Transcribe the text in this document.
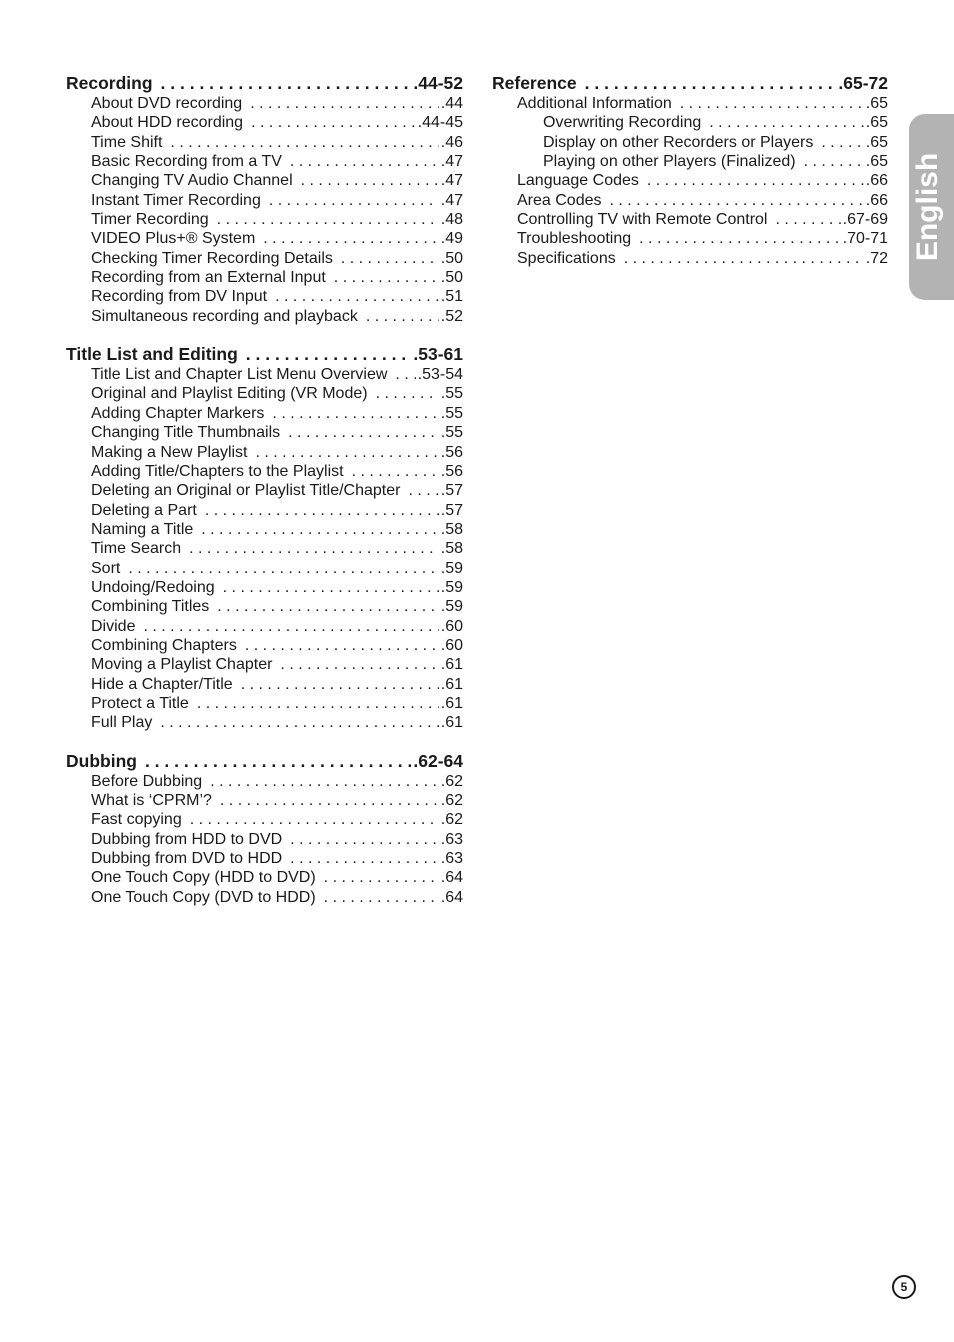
Recording . . .	.44-52
About DVD recording . . .	.44
About HDD recording . . .	.44-45
Time Shift . . .	.46
Basic Recording from a TV . . .	.47
Changing TV Audio Channel . . .	.47
Instant Timer Recording . . .	.47
Timer Recording . . .	.48
VIDEO Plus+® System . . .	.49
Checking Timer Recording Details . . .	.50
Recording from an External Input . . .	.50
Recording from DV Input . . .	.51
Simultaneous recording and playback . . .	.52
Title List and Editing . . .	.53-61
Title List and Chapter List Menu Overview . . . .53-54
Original and Playlist Editing (VR Mode) . . .	.55
Adding Chapter Markers . . .	.55
Changing Title Thumbnails . . .	.55
Making a New Playlist . . .	.56
Adding Title/Chapters to the Playlist . . .	.56
Deleting an Original or Playlist Title/Chapter . . .	.57
Deleting a Part . . .	.57
Naming a Title . . .	.58
Time Search . . .	.58
Sort . . .	.59
Undoing/Redoing . . .	.59
Combining Titles . . .	.59
Divide . . .	.60
Combining Chapters . . .	.60
Moving a Playlist Chapter . . .	.61
Hide a Chapter/Title . . .	.61
Protect a Title . . .	.61
Full Play . . .	.61
Dubbing . . .	.62-64
Before Dubbing . . .	.62
What is ‘CPRM’? . . .	.62
Fast copying . . .	.62
Dubbing from HDD to DVD . . .	.63
Dubbing from DVD to HDD . . .	.63
One Touch Copy (HDD to DVD) . . .	.64
One Touch Copy (DVD to HDD) . . .	.64
Reference . . .	.65-72
Additional Information . . .	.65
Overwriting Recording . . .	.65
Display on other Recorders or Players . . .	.65
Playing on other Players (Finalized) . . .	.65
Language Codes . . .	.66
Area Codes . . .	.66
Controlling TV with Remote Control . . .	.67-69
Troubleshooting . . .	.70-71
Specifications . . .	.72 English
5
